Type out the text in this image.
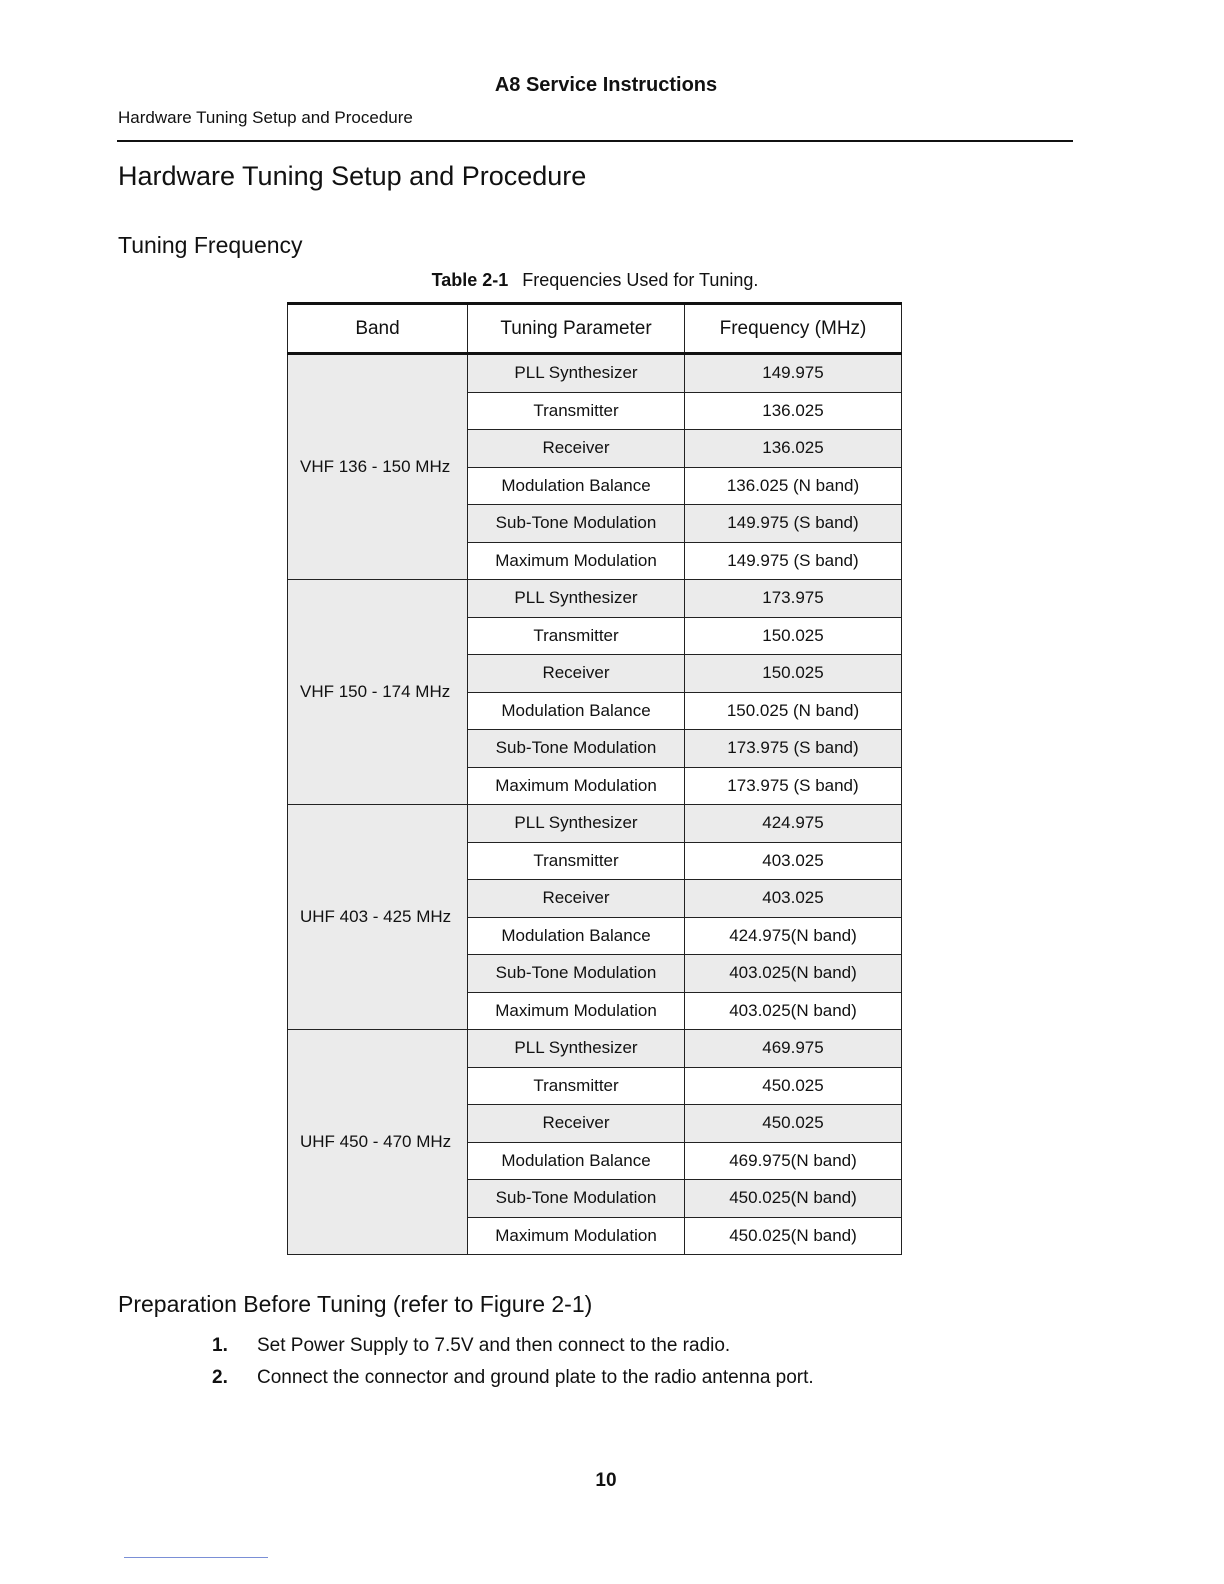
A8 Service Instructions
Hardware Tuning Setup and Procedure
Hardware Tuning Setup and Procedure
Tuning Frequency
Table 2-1 Frequencies Used for Tuning.
Band	Tuning Parameter	Frequency (MHz)
VHF 136 - 150 MHz	PLL Synthesizer	149.975
	Transmitter	136.025
	Receiver	136.025
	Modulation Balance	136.025 (N band)
	Sub-Tone Modulation	149.975 (S band)
	Maximum Modulation	149.975 (S band)
VHF 150 - 174 MHz	PLL Synthesizer	173.975
	Transmitter	150.025
	Receiver	150.025
	Modulation Balance	150.025 (N band)
	Sub-Tone Modulation	173.975 (S band)
	Maximum Modulation	173.975 (S band)
UHF 403 - 425 MHz	PLL Synthesizer	424.975
	Transmitter	403.025
	Receiver	403.025
	Modulation Balance	424.975(N band)
	Sub-Tone Modulation	403.025(N band)
	Maximum Modulation	403.025(N band)
UHF 450 - 470 MHz	PLL Synthesizer	469.975
	Transmitter	450.025
	Receiver	450.025
	Modulation Balance	469.975(N band)
	Sub-Tone Modulation	450.025(N band)
	Maximum Modulation	450.025(N band)
Preparation Before Tuning (refer to Figure 2-1)
1. Set Power Supply to 7.5V and then connect to the radio.
2. Connect the connector and ground plate to the radio antenna port.
10
